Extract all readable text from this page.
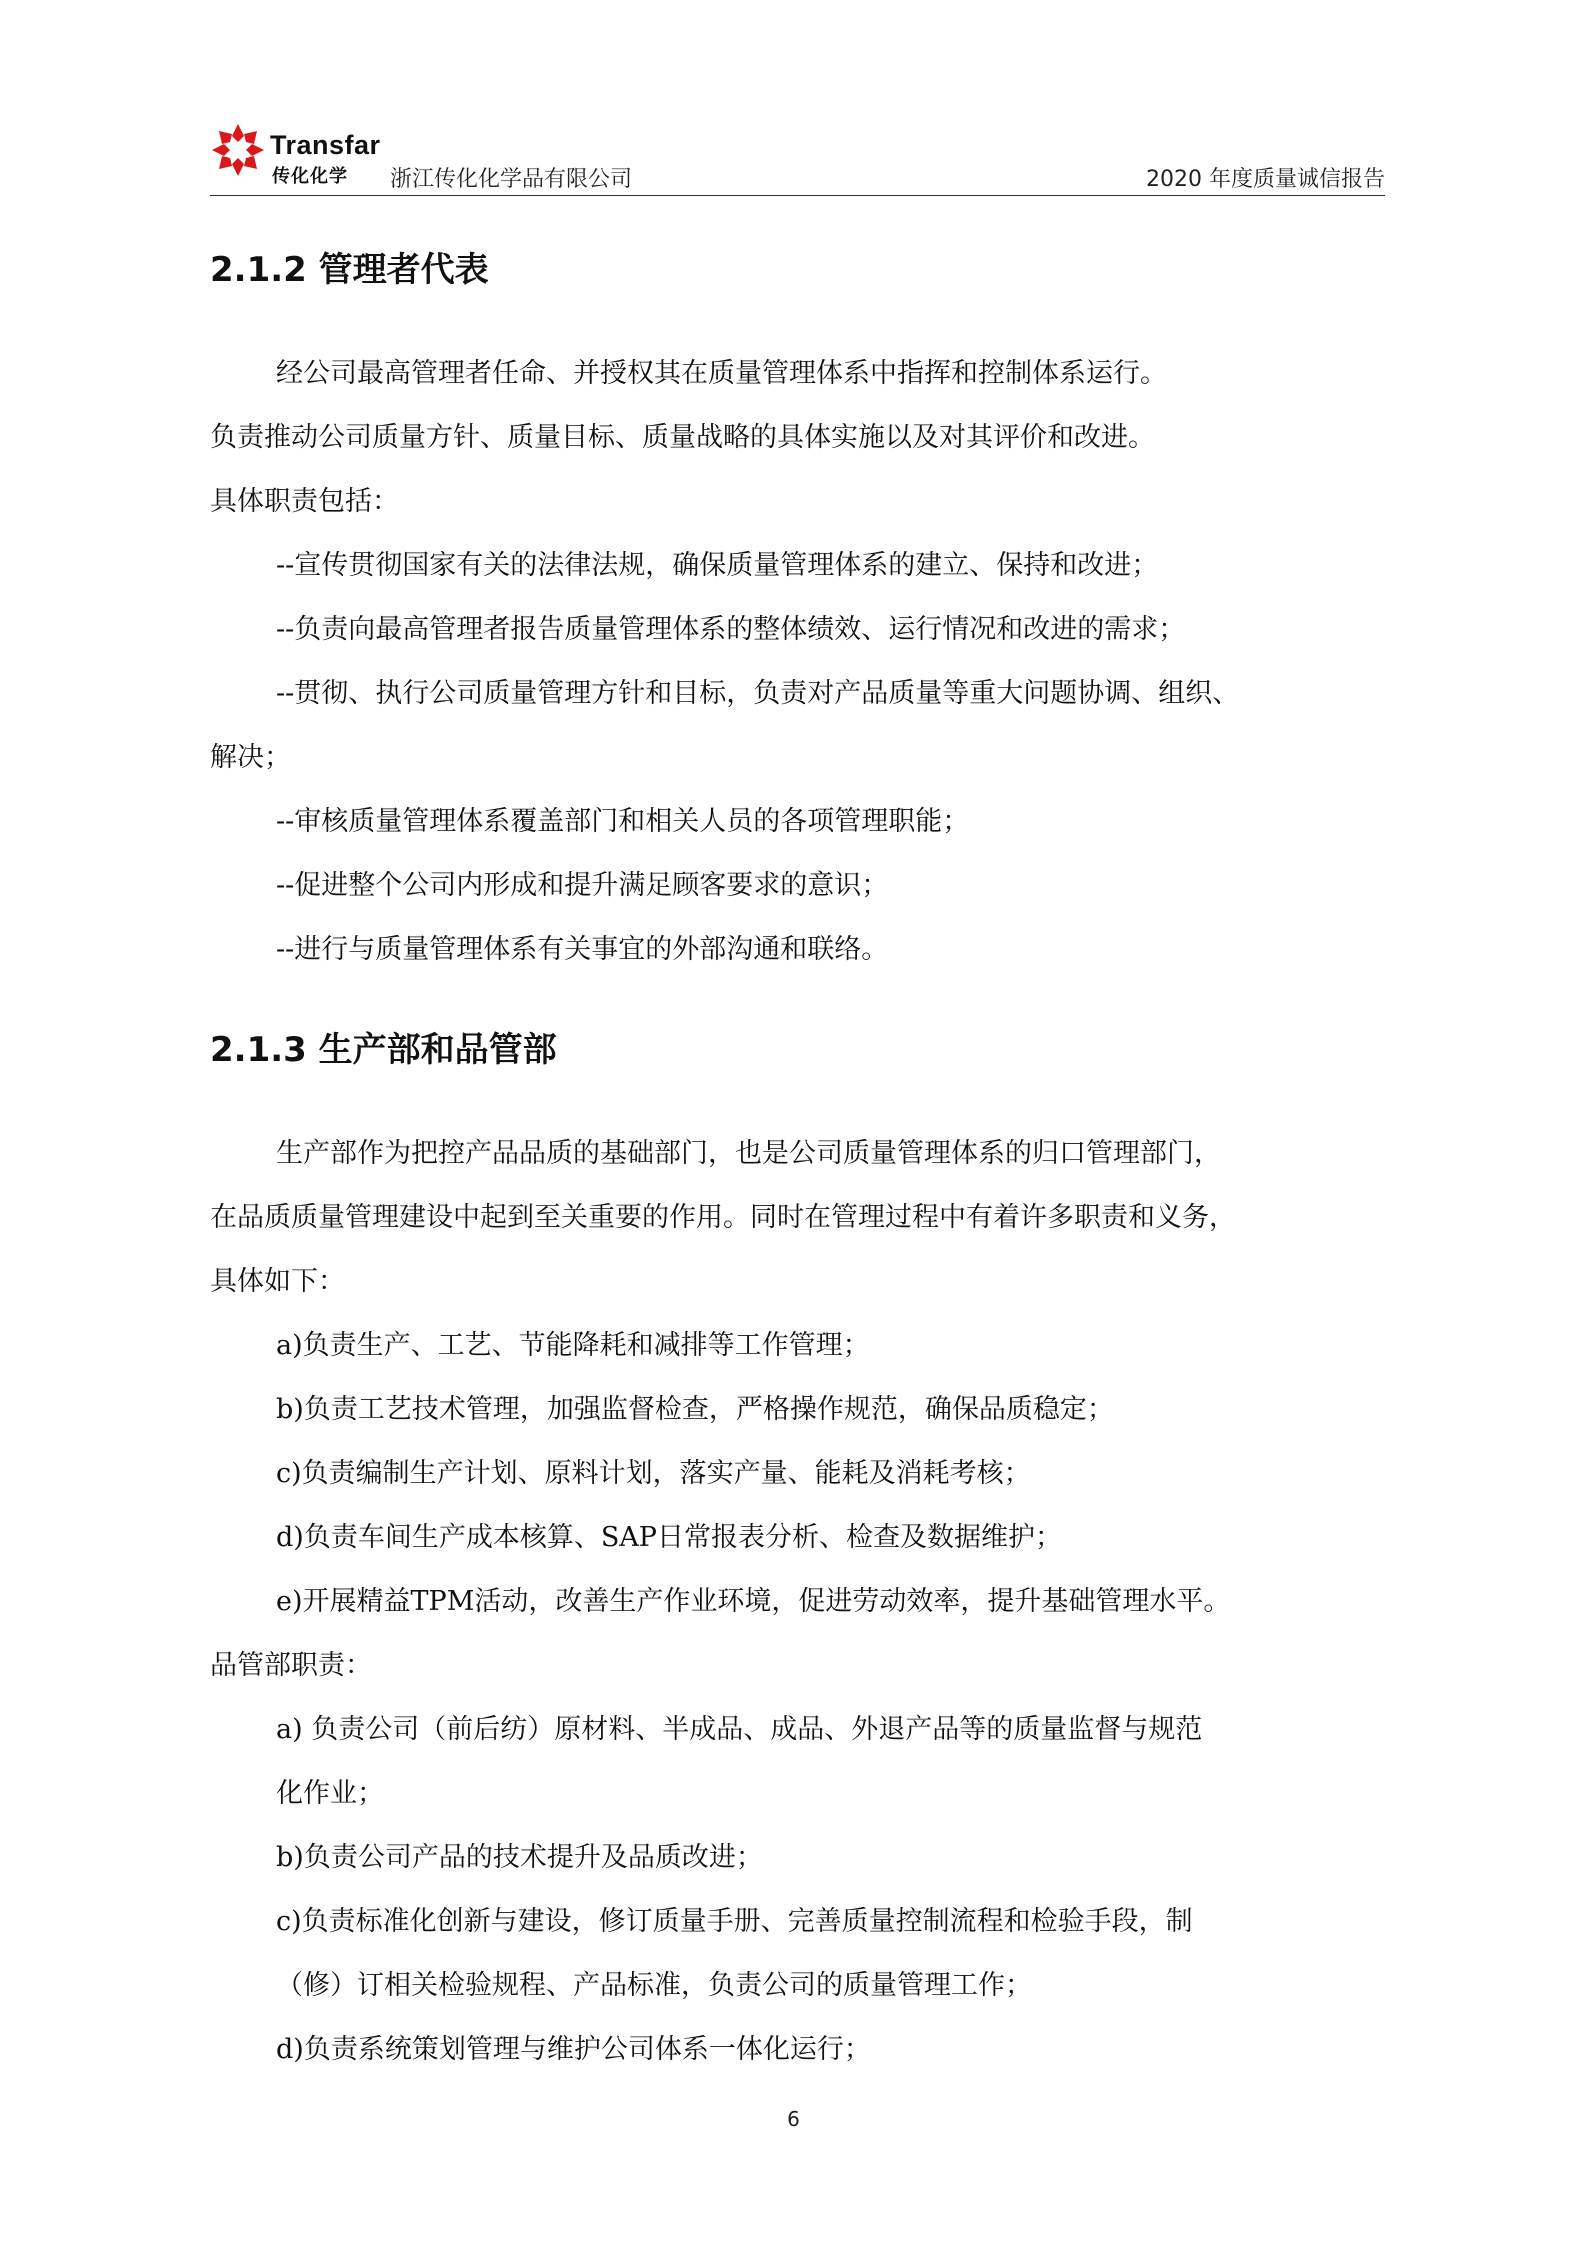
Transfar
传化化学 浙江传化化学品有限公司	2020 年度质量诚信报告
2.1.2 管理者代表

经公司最高管理者任命、并授权其在质量管理体系中指挥和控制体系运行。

负责推动公司质量方针、质量目标、质量战略的具体实施以及对其评价和改进。

具体职责包括：

--宣传贯彻国家有关的法律法规，确保质量管理体系的建立、保持和改进；

--负责向最高管理者报告质量管理体系的整体绩效、运行情况和改进的需求；

--贯彻、执行公司质量管理方针和目标，负责对产品质量等重大问题协调、组织、

解决；

--审核质量管理体系覆盖部门和相关人员的各项管理职能；

--促进整个公司内形成和提升满足顾客要求的意识；

--进行与质量管理体系有关事宜的外部沟通和联络。

2.1.3 生产部和品管部

生产部作为把控产品品质的基础部门，也是公司质量管理体系的归口管理部门，

在品质质量管理建设中起到至关重要的作用。同时在管理过程中有着许多职责和义务，

具体如下：

a)负责生产、工艺、节能降耗和减排等工作管理；

b)负责工艺技术管理，加强监督检查，严格操作规范，确保品质稳定；

c)负责编制生产计划、原料计划，落实产量、能耗及消耗考核；

d)负责车间生产成本核算、SAP日常报表分析、检查及数据维护；

e)开展精益TPM活动，改善生产作业环境，促进劳动效率，提升基础管理水平。

品管部职责：

a) 负责公司（前后纺）原材料、半成品、成品、外退产品等的质量监督与规范

化作业；

b)负责公司产品的技术提升及品质改进；

c)负责标准化创新与建设，修订质量手册、完善质量控制流程和检验手段，制

（修）订相关检验规程、产品标准，负责公司的质量管理工作；

d)负责系统策划管理与维护公司体系一体化运行；

6
